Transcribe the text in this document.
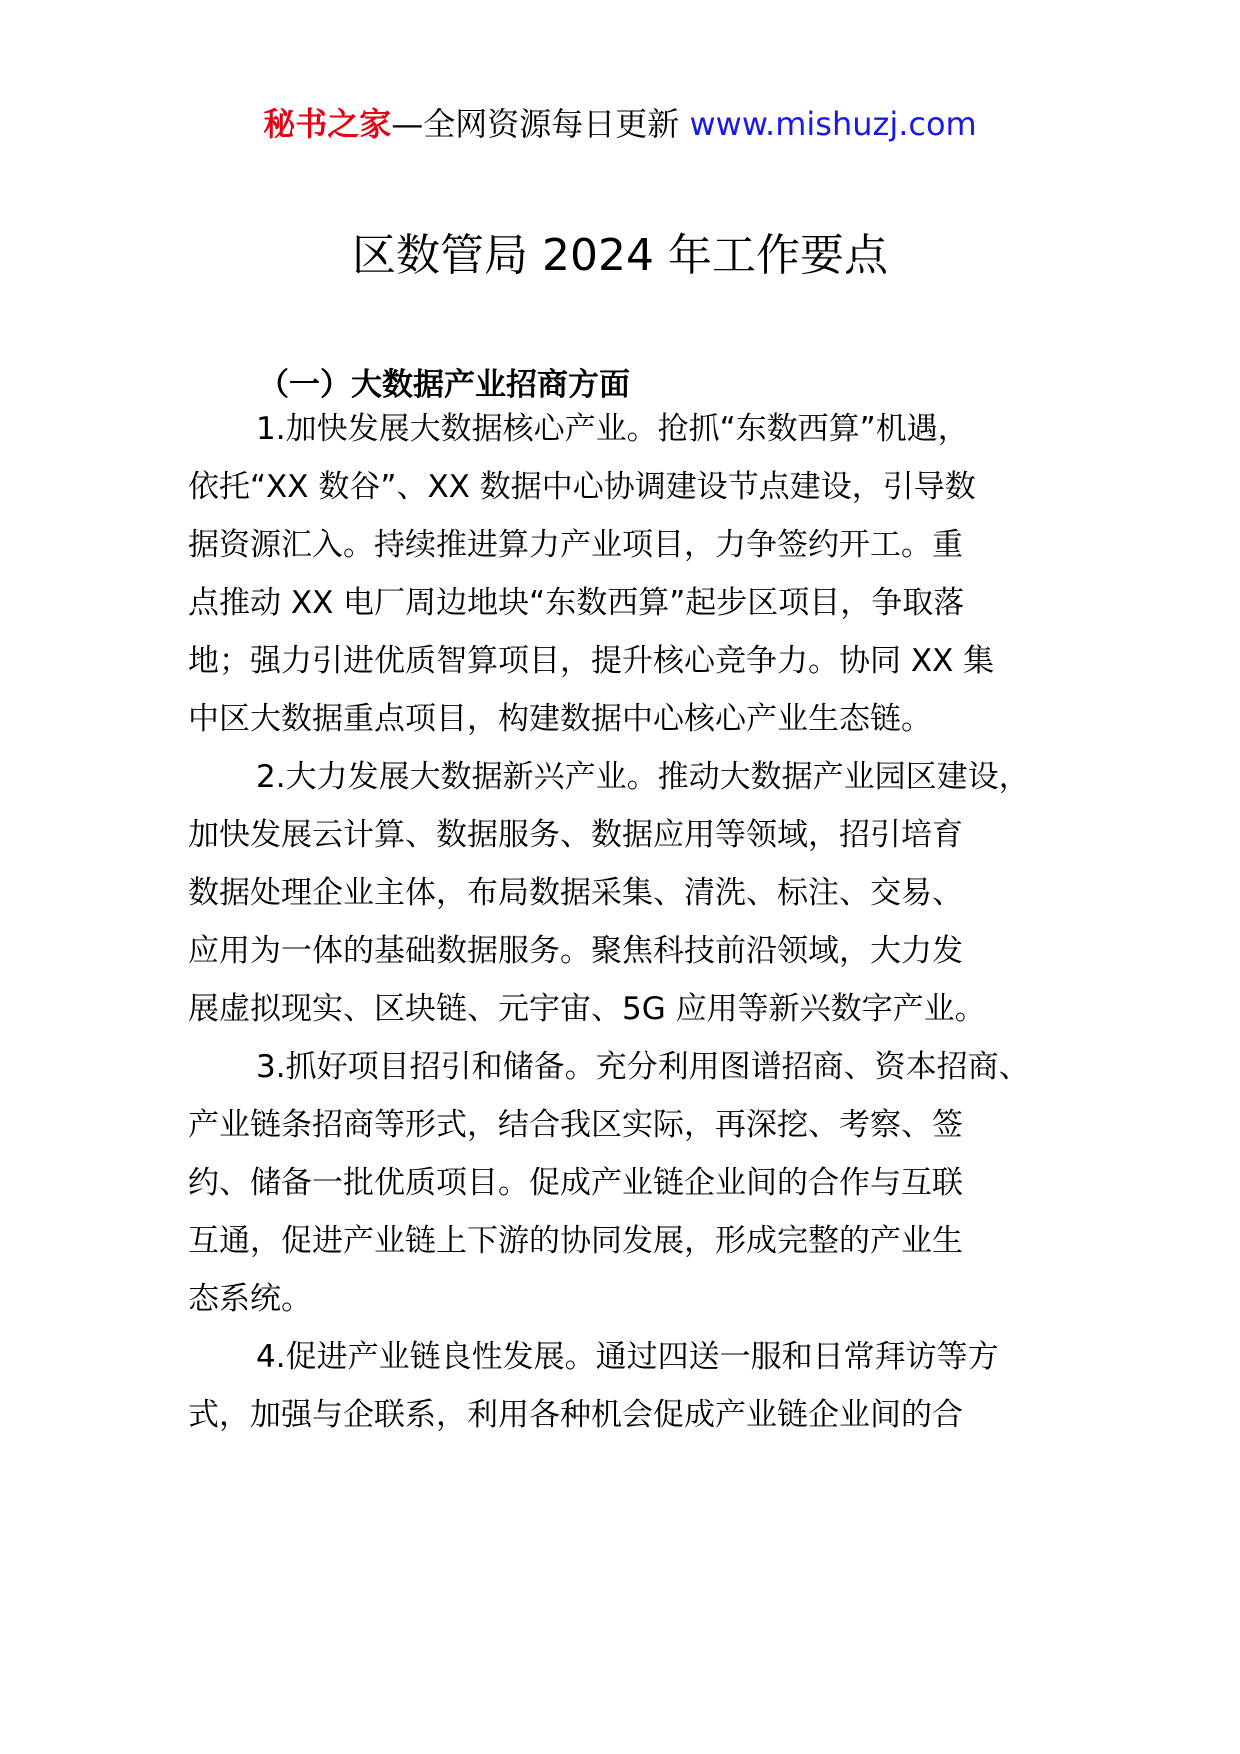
秘书之家—全网资源每日更新 www.mishuzj.com
区数管局 2024 年工作要点
（一）大数据产业招商方面
1.加快发展大数据核心产业。抢抓“东数西算”机遇，
依托“XX 数谷”、XX 数据中心协调建设节点建设，引导数
据资源汇入。持续推进算力产业项目，力争签约开工。重
点推动 XX 电厂周边地块“东数西算”起步区项目，争取落
地；强力引进优质智算项目，提升核心竞争力。协同 XX 集
中区大数据重点项目，构建数据中心核心产业生态链。
2.大力发展大数据新兴产业。推动大数据产业园区建设，
加快发展云计算、数据服务、数据应用等领域，招引培育
数据处理企业主体，布局数据采集、清洗、标注、交易、
应用为一体的基础数据服务。聚焦科技前沿领域，大力发
展虚拟现实、区块链、元宇宙、5G 应用等新兴数字产业。
3.抓好项目招引和储备。充分利用图谱招商、资本招商、
产业链条招商等形式，结合我区实际，再深挖、考察、签
约、储备一批优质项目。促成产业链企业间的合作与互联
互通，促进产业链上下游的协同发展，形成完整的产业生
态系统。
4.促进产业链良性发展。通过四送一服和日常拜访等方
式，加强与企联系，利用各种机会促成产业链企业间的合
